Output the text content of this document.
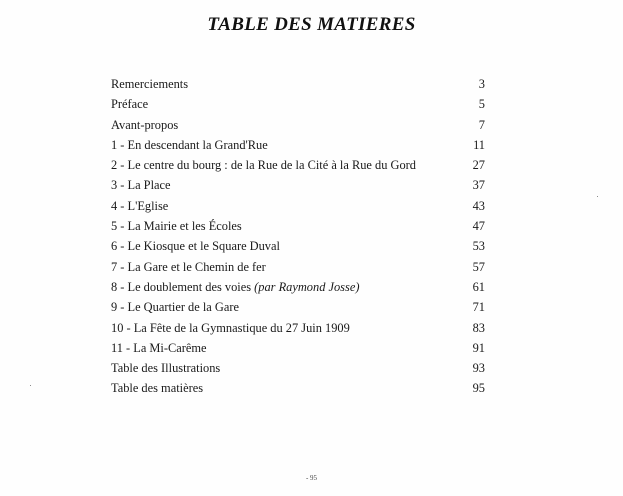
TABLE DES MATIERES
Remerciements	3
Préface	5
Avant-propos	7
1 - En descendant la Grand'Rue	11
2 - Le centre du bourg : de la Rue de la Cité à la Rue du Gord	27
3 - La Place	37
4 - L'Eglise	43
5 - La Mairie et les Écoles	47
6 - Le Kiosque et le Square Duval	53
7 - La Gare et le Chemin de fer	57
8 - Le doublement des voies (par Raymond Josse)	61
9 - Le Quartier de la Gare	71
10 - La Fête de la Gymnastique du 27 Juin 1909	83
11 - La Mi-Carême	91
Table des Illustrations	93
Table des matières	95
- 95
